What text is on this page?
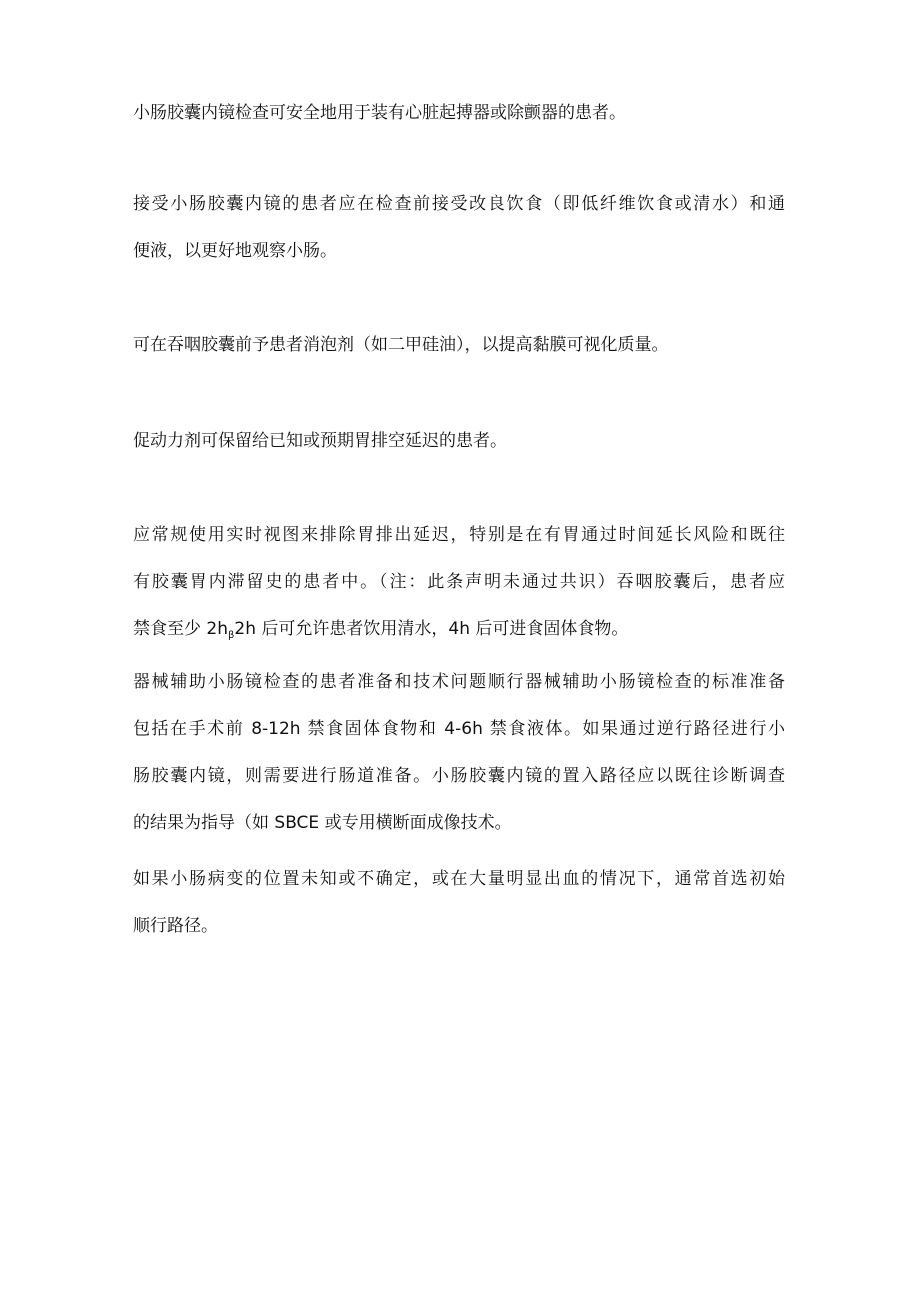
小肠胶囊内镜检查可安全地用于装有心脏起搏器或除颤器的患者。

接受小肠胶囊内镜的患者应在检查前接受改良饮食（即低纤维饮食或清水）和通
便液，以更好地观察小肠。

可在吞咽胶囊前予患者消泡剂（如二甲硅油），以提高黏膜可视化质量。

促动力剂可保留给已知或预期胃排空延迟的患者。

应常规使用实时视图来排除胃排出延迟，特别是在有胃通过时间延长风险和既往
有胶囊胃内滞留史的患者中。（注：此条声明未通过共识）吞咽胶囊后，患者应
禁食至少 $2h_\beta 2h$ 后可允许患者饮用清水，4h 后可进食固体食物。

器械辅助小肠镜检查的患者准备和技术问题顺行器械辅助小肠镜检查的标准准备
包括在手术前 8-12h 禁食固体食物和 4-6h 禁食液体。如果通过逆行路径进行小
肠胶囊内镜，则需要进行肠道准备。小肠胶囊内镜的置入路径应以既往诊断调查
的结果为指导（如 SBCE 或专用横断面成像技术。

如果小肠病变的位置未知或不确定，或在大量明显出血的情况下，通常首选初始
顺行路径。
